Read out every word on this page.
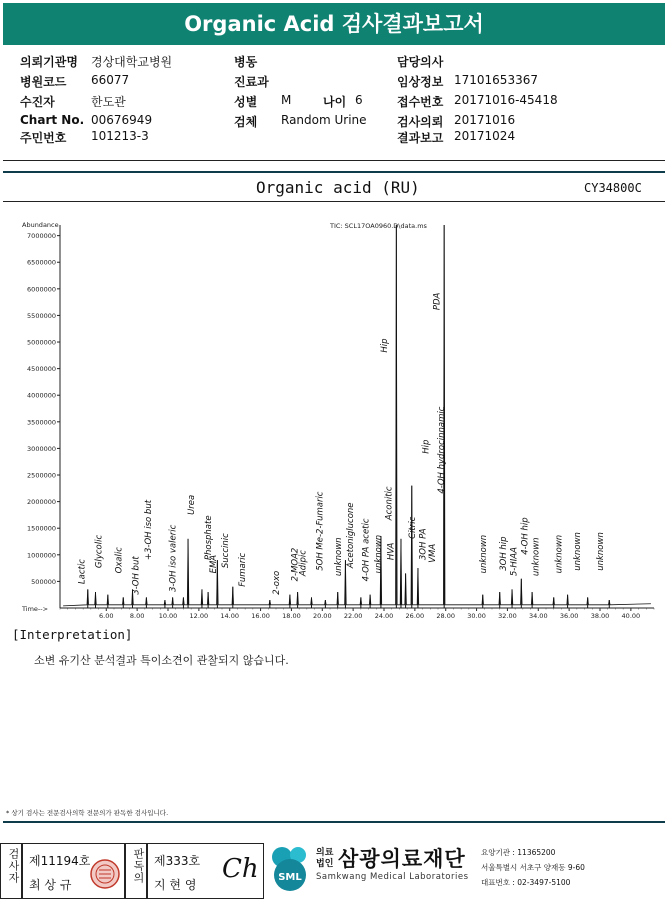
Organic Acid 검사결과보고서
의뢰기관명 경상대학교병원
병원코드 66077
수진자	한도관
Chart No. 00676949
주민번호 101213-3
병동
진료과
성별 M
검체 Random Urine
나이 6
담당의사
임상정보 17101653367
접수번호 20171016-45418
검사의뢰 20171016
결과보고 20171024
Organic acid (RU)	CY34800C
500000
1000000
1500000
2000000
2500000
3000000
3500000
4000000
4500000
5000000
5500000
6000000
6500000
7000000
6.00	8.00 10.00 12.00 14.00 16.00 18.00 20.00 22.00 24.00 26.00 28.00 30.00 32.00 34.00 36.00 38.00 40.00
Abundance
Time-->
TIC: SCL17OA0960.D\data.ms
Lactic
Glycolic Oxalic 3-OH but
+3-OH iso but 3-OH iso valeric
Urea
Phosphate
EMA Succinic
Fumaric	2-oxo
2-MOA2
Adipic 5OH Me-2-Fumaric unknown Acetoniglucone 4-OH PA acetic unknown
Aconitic
HVA
Hip
Citric
3OH PA VMA
4-OH hydrocinnamic
Hip
PDA
unknown 3OH hip 5-HIAA
4-OH hip
unknown unknown unknown unknown
[Interpretation]
소변 유기산 분석결과 특이소견이 관찰되지 않습니다.
* 상기 검사는 전문검사의학 전문의가 판독한 검사입니다.
검사자 제11194호
최 상 규
판독의 제333호
지 현 영
Ch SML
의료
법인 삼광의료재단
Samkwang Medical Laboratories
요양기관 : 11365200
서울특별시 서초구 양재동 9-60
대표번호 : 02-3497-5100
